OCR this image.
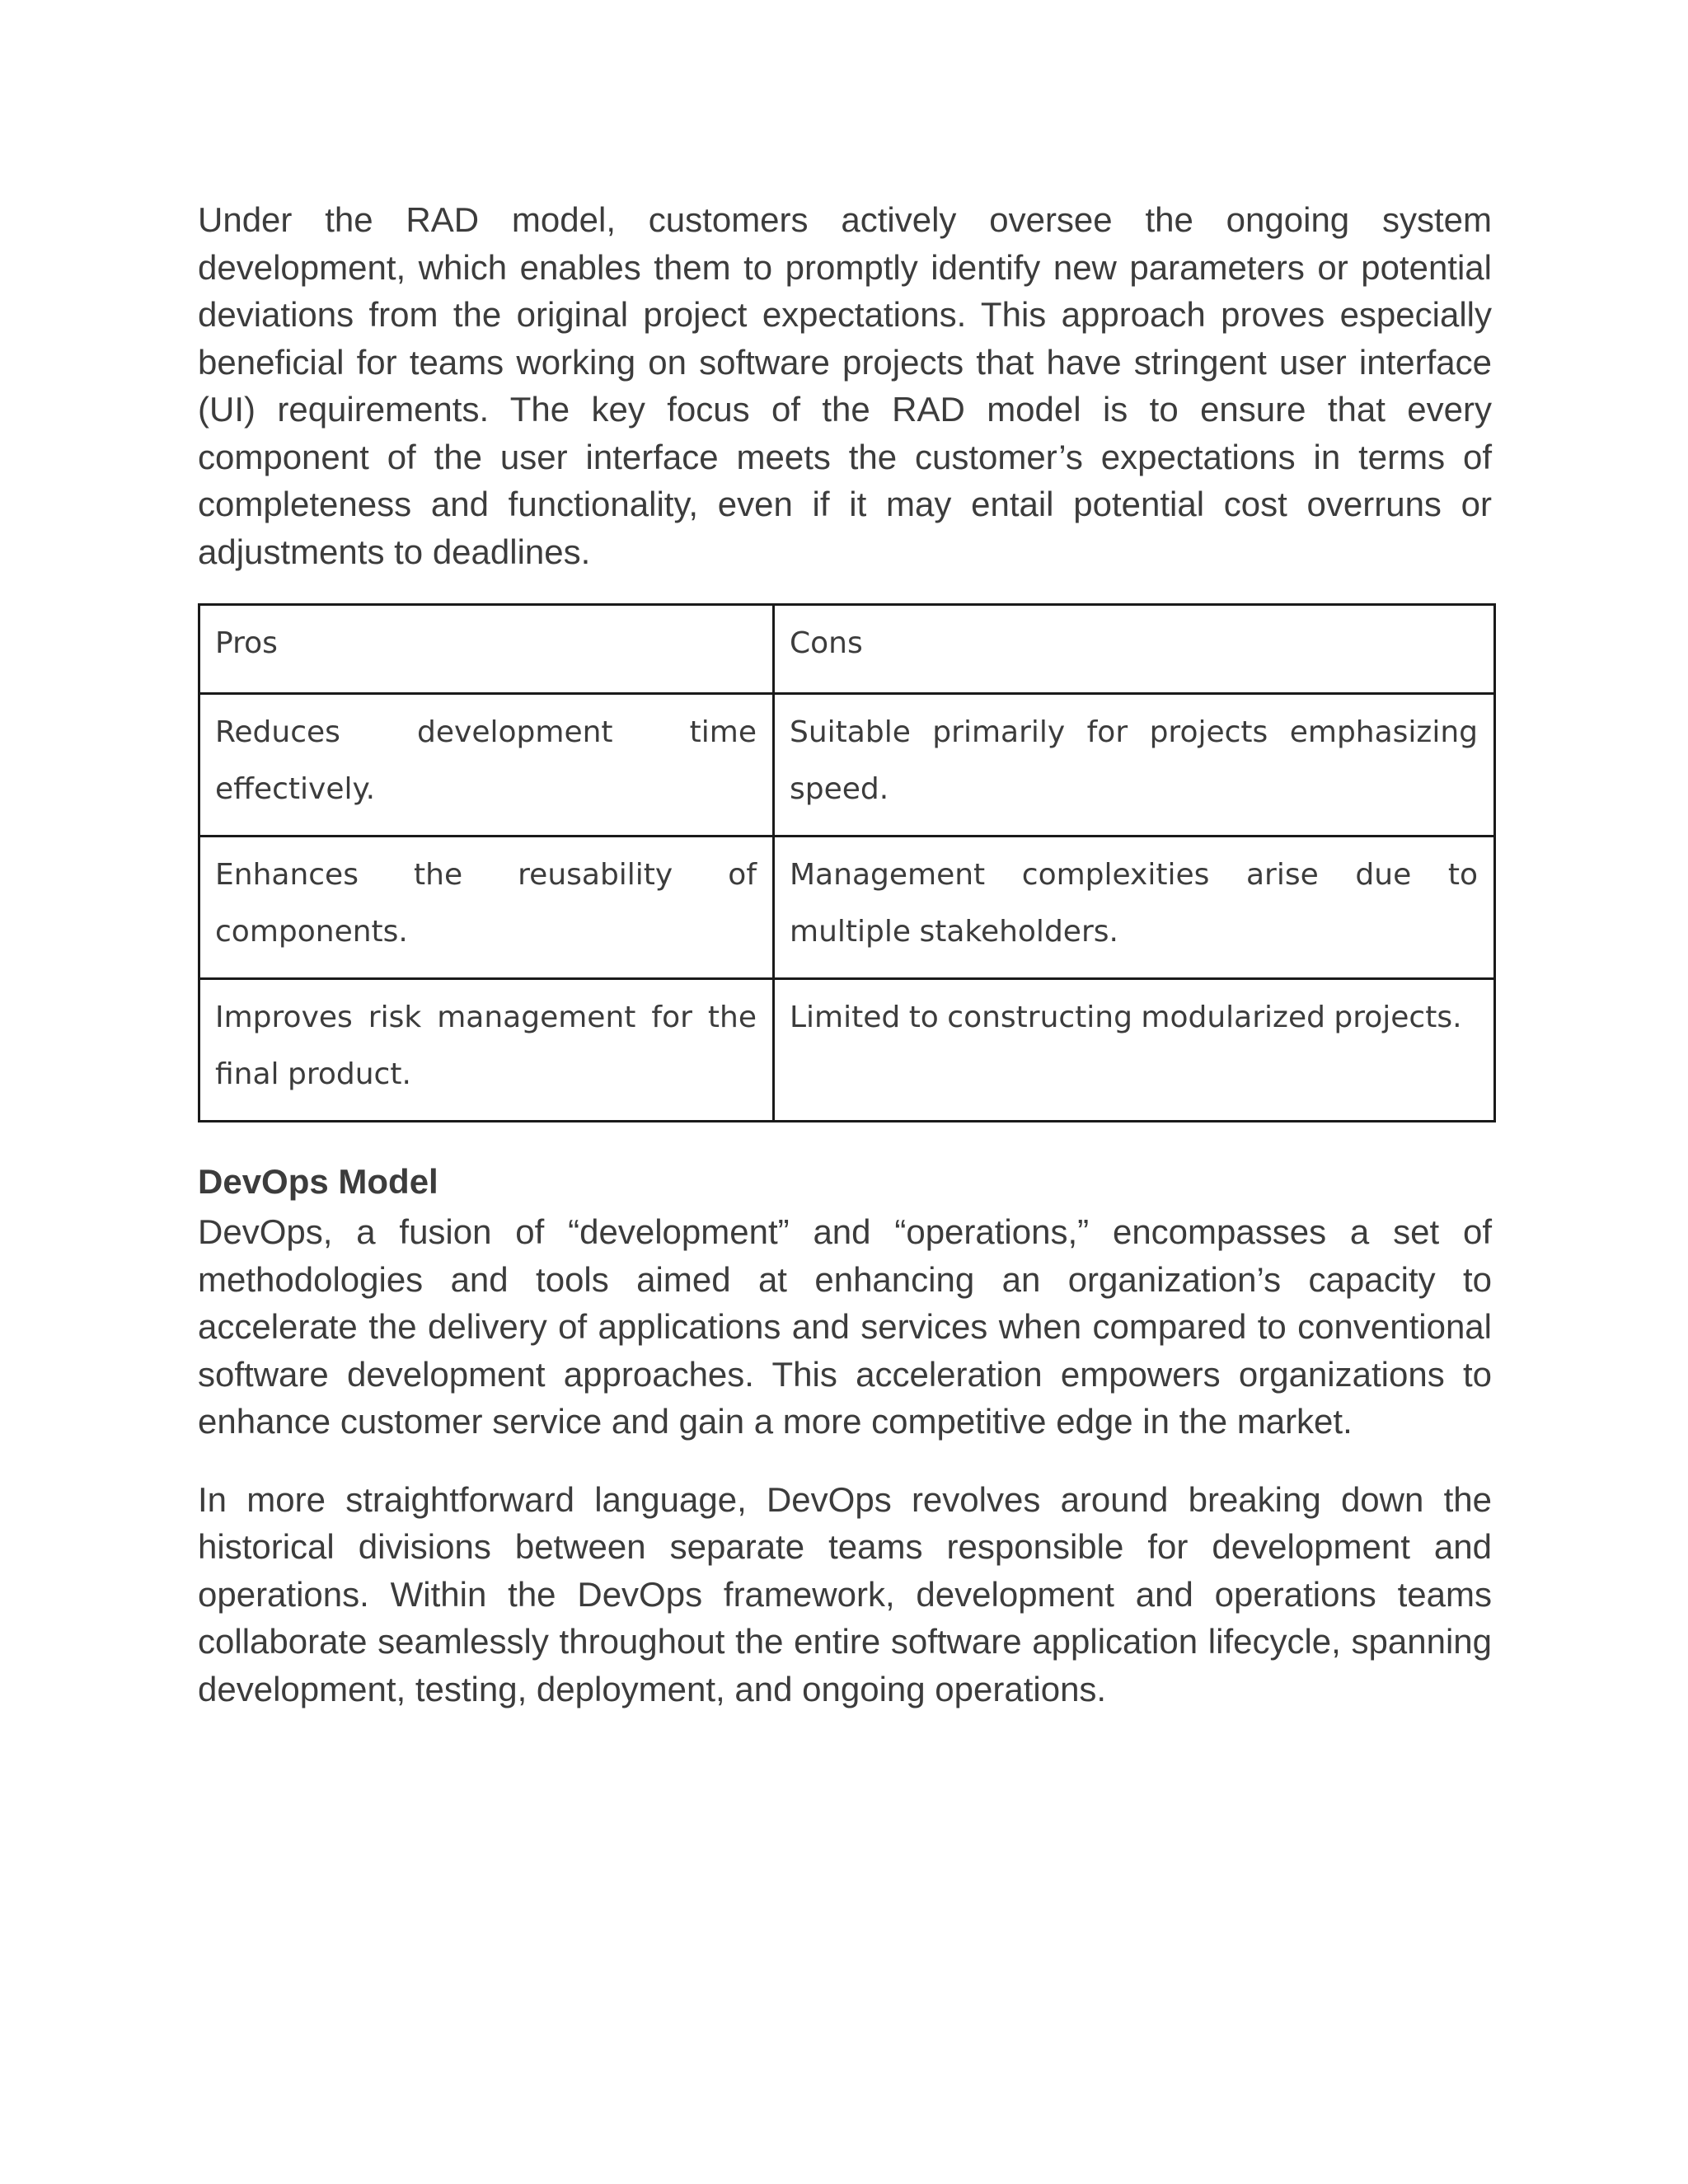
Under the RAD model, customers actively oversee the ongoing system development, which enables them to promptly identify new parameters or potential deviations from the original project expectations. This approach proves especially beneficial for teams working on software projects that have stringent user interface (UI) requirements. The key focus of the RAD model is to ensure that every component of the user interface meets the customer’s expectations in terms of completeness and functionality, even if it may entail potential cost overruns or adjustments to deadlines.

Pros	Cons
Reduces development time effectively.	Suitable primarily for projects emphasizing speed.
Enhances the reusability of components.	Management complexities arise due to multiple stakeholders.
Improves risk management for the final product.	Limited to constructing modularized projects.
DevOps Model

DevOps, a fusion of “development” and “operations,” encompasses a set of methodologies and tools aimed at enhancing an organization’s capacity to accelerate the delivery of applications and services when compared to conventional software development approaches. This acceleration empowers organizations to enhance customer service and gain a more competitive edge in the market.

In more straightforward language, DevOps revolves around breaking down the historical divisions between separate teams responsible for development and operations. Within the DevOps framework, development and operations teams collaborate seamlessly throughout the entire software application lifecycle, spanning development, testing, deployment, and ongoing operations.
